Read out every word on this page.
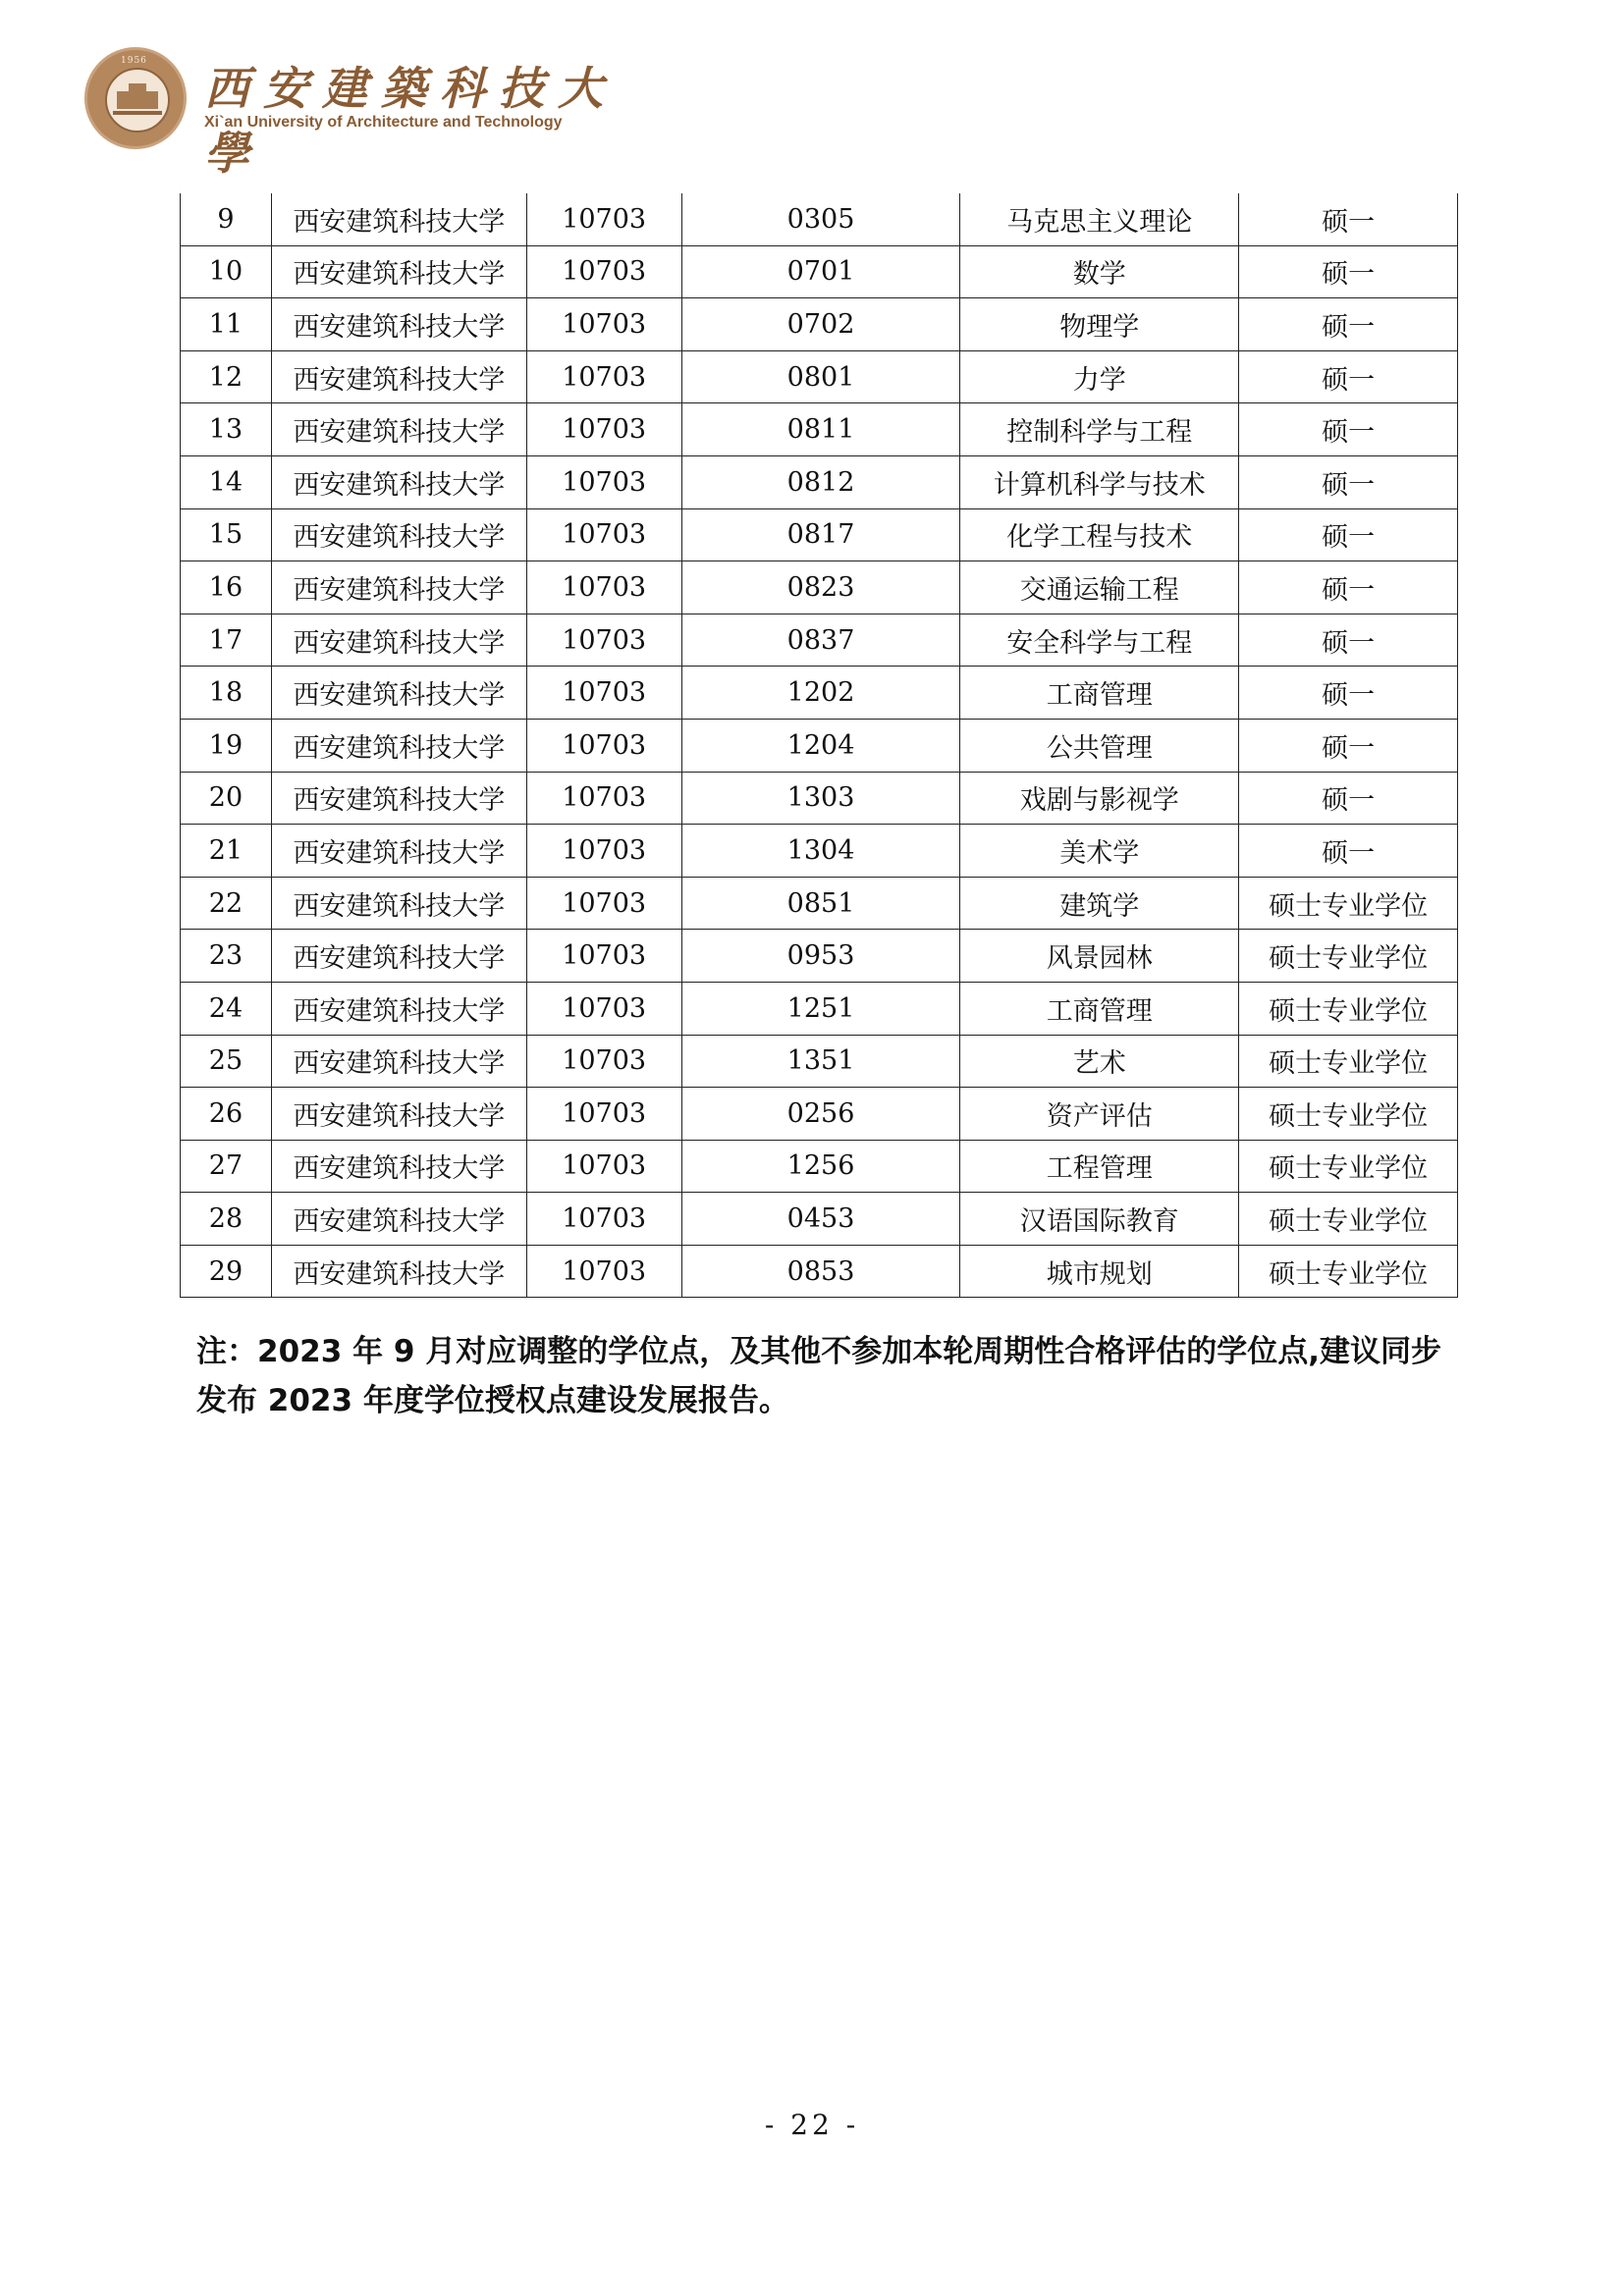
1956
西安建築科技大學
Xi`an University of Architecture and Technology
9	西安建筑科技大学	10703	0305	马克思主义理论	硕一
10	西安建筑科技大学	10703	0701	数学	硕一
11	西安建筑科技大学	10703	0702	物理学	硕一
12	西安建筑科技大学	10703	0801	力学	硕一
13	西安建筑科技大学	10703	0811	控制科学与工程	硕一
14	西安建筑科技大学	10703	0812	计算机科学与技术	硕一
15	西安建筑科技大学	10703	0817	化学工程与技术	硕一
16	西安建筑科技大学	10703	0823	交通运输工程	硕一
17	西安建筑科技大学	10703	0837	安全科学与工程	硕一
18	西安建筑科技大学	10703	1202	工商管理	硕一
19	西安建筑科技大学	10703	1204	公共管理	硕一
20	西安建筑科技大学	10703	1303	戏剧与影视学	硕一
21	西安建筑科技大学	10703	1304	美术学	硕一
22	西安建筑科技大学	10703	0851	建筑学	硕士专业学位
23	西安建筑科技大学	10703	0953	风景园林	硕士专业学位
24	西安建筑科技大学	10703	1251	工商管理	硕士专业学位
25	西安建筑科技大学	10703	1351	艺术	硕士专业学位
26	西安建筑科技大学	10703	0256	资产评估	硕士专业学位
27	西安建筑科技大学	10703	1256	工程管理	硕士专业学位
28	西安建筑科技大学	10703	0453	汉语国际教育	硕士专业学位
29	西安建筑科技大学	10703	0853	城市规划	硕士专业学位
注：2023 年 9 月对应调整的学位点，及其他不参加本轮周期性合格评估的学位点,建议同步发布 2023 年度学位授权点建设发展报告。
- 22 -
